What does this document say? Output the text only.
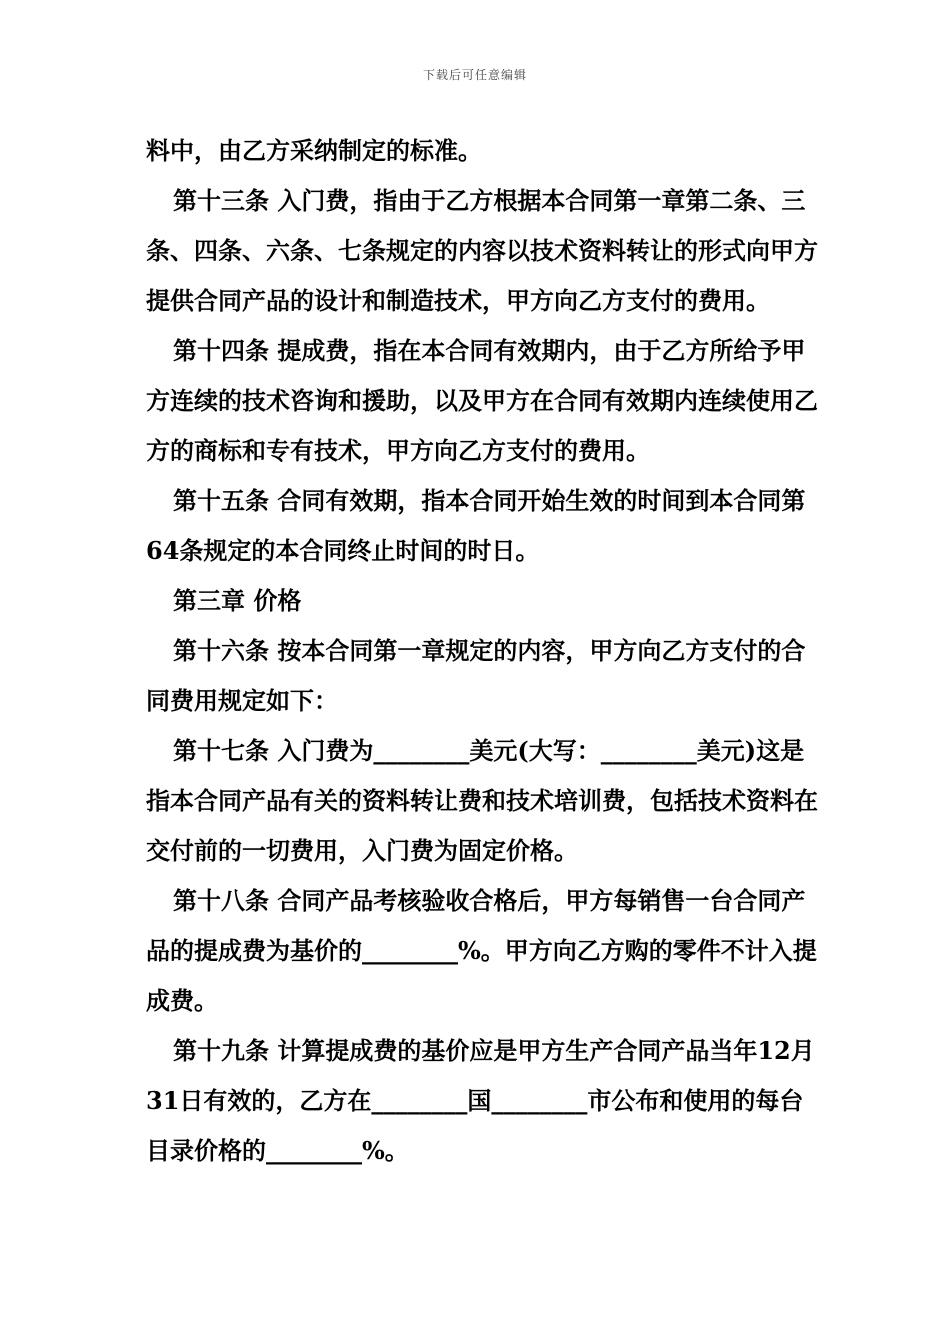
下载后可任意编辑

料中，由乙方采纳制定的标准。

第十三条 入门费，指由于乙方根据本合同第一章第二条、三条、四条、六条、七条规定的内容以技术资料转让的形式向甲方提供合同产品的设计和制造技术，甲方向乙方支付的费用。

第十四条 提成费，指在本合同有效期内，由于乙方所给予甲方连续的技术咨询和援助，以及甲方在合同有效期内连续使用乙方的商标和专有技术，甲方向乙方支付的费用。

第十五条 合同有效期，指本合同开始生效的时间到本合同第64条规定的本合同终止时间的时日。

第三章 价格

第十六条 按本合同第一章规定的内容，甲方向乙方支付的合同费用规定如下：

第十七条 入门费为________美元(大写：________美元)这是指本合同产品有关的资料转让费和技术培训费，包括技术资料在交付前的一切费用，入门费为固定价格。

第十八条 合同产品考核验收合格后，甲方每销售一台合同产品的提成费为基价的________%。甲方向乙方购的零件不计入提成费。

第十九条 计算提成费的基价应是甲方生产合同产品当年12月31日有效的，乙方在________国________市公布和使用的每台目录价格的________%。
